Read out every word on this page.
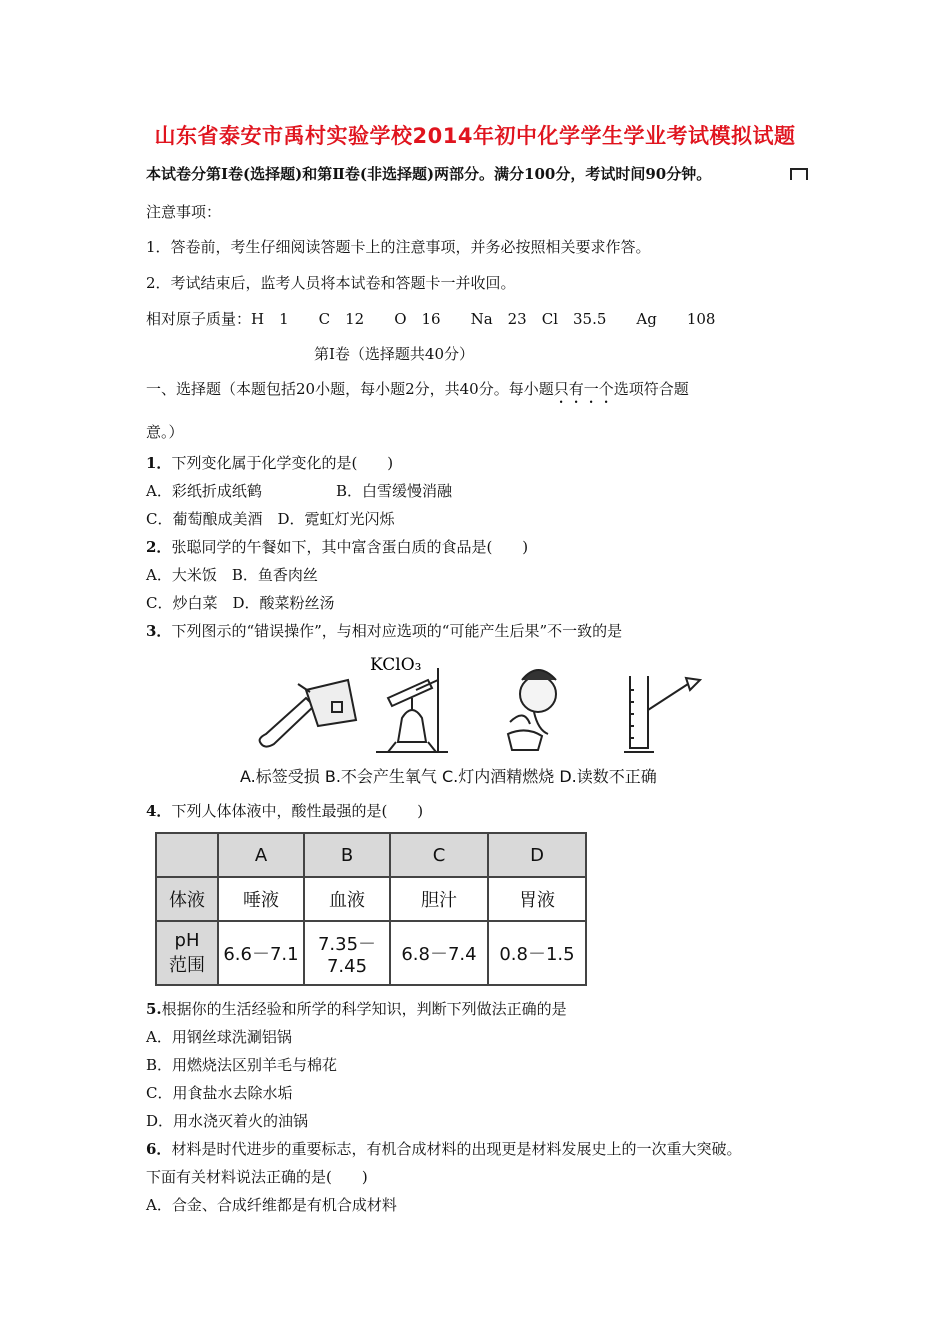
山东省泰安市禹村实验学校2014年初中化学学生学业考试模拟试题
本试卷分第Ⅰ卷(选择题)和第Ⅱ卷(非选择题)两部分。满分100分，考试时间90分钟。
注意事项：
1．答卷前，考生仔细阅读答题卡上的注意事项，并务必按照相关要求作答。
2．考试结束后，监考人员将本试卷和答题卡一并收回。
相对原子质量：H　1　　C　12　　O　16　　Na　23　Cl　35.5　　Ag　　108
第Ⅰ卷（选择题共40分）
一、选择题（本题包括20小题，每小题2分，共40分。每小题只有一个选项符合题
意。）
1．下列变化属于化学变化的是(　　)
A．彩纸折成纸鹤	B．白雪缓慢消融
C．葡萄酿成美酒　D．霓虹灯光闪烁
2．张聪同学的午餐如下，其中富含蛋白质的食品是(　　)
A．大米饭　B．鱼香肉丝
C．炒白菜　D．酸菜粉丝汤
3．下列图示的“错误操作”，与相对应选项的“可能产生后果”不一致的是
KClO₃
A.标签受损 B.不会产生氧气 C.灯内酒精燃烧 D.读数不正确
4．下列人体体液中，酸性最强的是(　　)
	A	B	C	D
体液	唾液	血液	胆汁	胃液
pH
范围	6.6－7.1	7.35－
7.45	6.8－7.4	0.8－1.5
5.根据你的生活经验和所学的科学知识，判断下列做法正确的是
A．用钢丝球洗涮铝锅
B．用燃烧法区别羊毛与棉花
C．用食盐水去除水垢
D．用水浇灭着火的油锅
6．材料是时代进步的重要标志，有机合成材料的出现更是材料发展史上的一次重大突破。
下面有关材料说法正确的是(　　)
A．合金、合成纤维都是有机合成材料
